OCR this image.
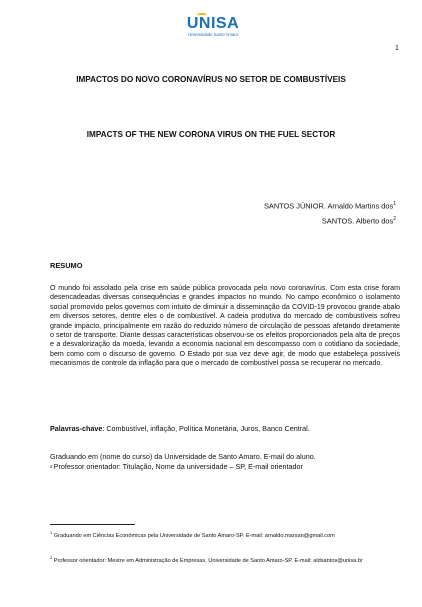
UNISA
Universidade Santo Amaro
1
IMPACTOS DO NOVO CORONAVÍRUS NO SETOR DE COMBUSTÍVEIS
IMPACTS OF THE NEW CORONA VIRUS ON THE FUEL SECTOR
SANTOS JÚNIOR. Arnaldo Martins dos$^1$
SANTOS. Alberto dos$^2$
RESUMO
O mundo foi assolado pela crise em saúde pública provocada pelo novo coronavírus. Com esta crise foram desencadeadas diversas consequências e grandes impactos no mundo. No campo econômico o isolamento social promovido pelos governos com intuito de diminuir a disseminação da COVID-19 provocou grande abalo em diversos setores, dentre eles o de combustível. A cadeia produtiva do mercado de combustíveis sofreu grande impacto, principalmente em razão do reduzido número de circulação de pessoas afetando diretamente o setor de transporte. Diante dessas características observou-se os efeitos proporcionados pela alta de preços e a desvalorização da moeda, levando a economia nacional em descompasso com o cotidiano da sociedade, bem como com o discurso de governo. O Estado por sua vez deve agir, de modo que estabeleça possíveis mecanismos de controle da inflação para que o mercado de combustível possa se recuperar no mercado.
Palavras-chave: Combustível, inflação, Política Monetária, Juros, Banco Central.
Graduando em (nome do curso) da Universidade de Santo Amaro. E-mail do aluno.
2Professor orientador: Titulação, Nome da universidade – SP, E-mail orientador
$^1$ Graduando em Ciências Econômicas pela Universidade de Santo Amaro-SP. E-mail: arnaldo.marsan@gmail.com
$^2$ Professor orientador: Mestre em Administração de Empresas, Universidade de Santo Amaro-SP. E-mail: aldsantos@unisa.br
